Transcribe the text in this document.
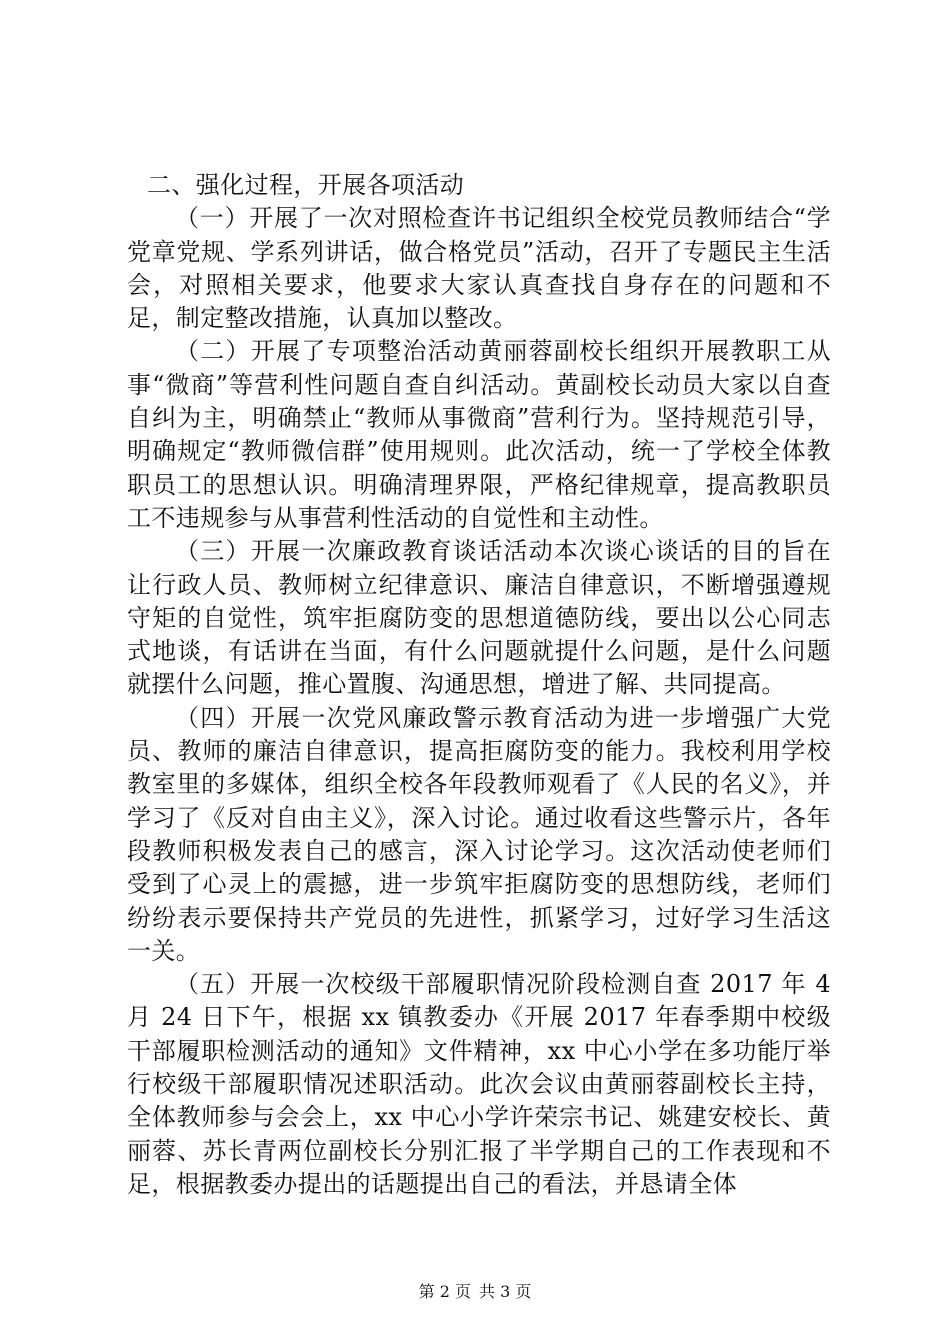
二、强化过程，开展各项活动

（一）开展了一次对照检查许书记组织全校党员教师结合“学党章党规、学系列讲话，做合格党员”活动，召开了专题民主生活会，对照相关要求，他要求大家认真查找自身存在的问题和不足，制定整改措施，认真加以整改。

（二）开展了专项整治活动黄丽蓉副校长组织开展教职工从事“微商”等营利性问题自查自纠活动。黄副校长动员大家以自查自纠为主，明确禁止“教师从事微商”营利行为。坚持规范引导，明确规定“教师微信群”使用规则。此次活动，统一了学校全体教职员工的思想认识。明确清理界限，严格纪律规章，提高教职员工不违规参与从事营利性活动的自觉性和主动性。

（三）开展一次廉政教育谈话活动本次谈心谈话的目的旨在让行政人员、教师树立纪律意识、廉洁自律意识，不断增强遵规守矩的自觉性，筑牢拒腐防变的思想道德防线，要出以公心同志式地谈，有话讲在当面，有什么问题就提什么问题，是什么问题就摆什么问题，推心置腹、沟通思想，增进了解、共同提高。

（四）开展一次党风廉政警示教育活动为进一步增强广大党员、教师的廉洁自律意识，提高拒腐防变的能力。我校利用学校教室里的多媒体，组织全校各年段教师观看了《人民的名义》，并学习了《反对自由主义》，深入讨论。通过收看这些警示片，各年段教师积极发表自己的感言，深入讨论学习。这次活动使老师们受到了心灵上的震撼，进一步筑牢拒腐防变的思想防线，老师们纷纷表示要保持共产党员的先进性，抓紧学习，过好学习生活这一关。

（五）开展一次校级干部履职情况阶段检测自查 2017 年 4 月 24 日下午，根据 xx 镇教委办《开展 2017 年春季期中校级干部履职检测活动的通知》文件精神，xx 中心小学在多功能厅举行校级干部履职情况述职活动。此次会议由黄丽蓉副校长主持，全体教师参与会会上，xx 中心小学许荣宗书记、姚建安校长、黄丽蓉、苏长青两位副校长分别汇报了半学期自己的工作表现和不足，根据教委办提出的话题提出自己的看法，并恳请全体

第 2 页 共 3 页
